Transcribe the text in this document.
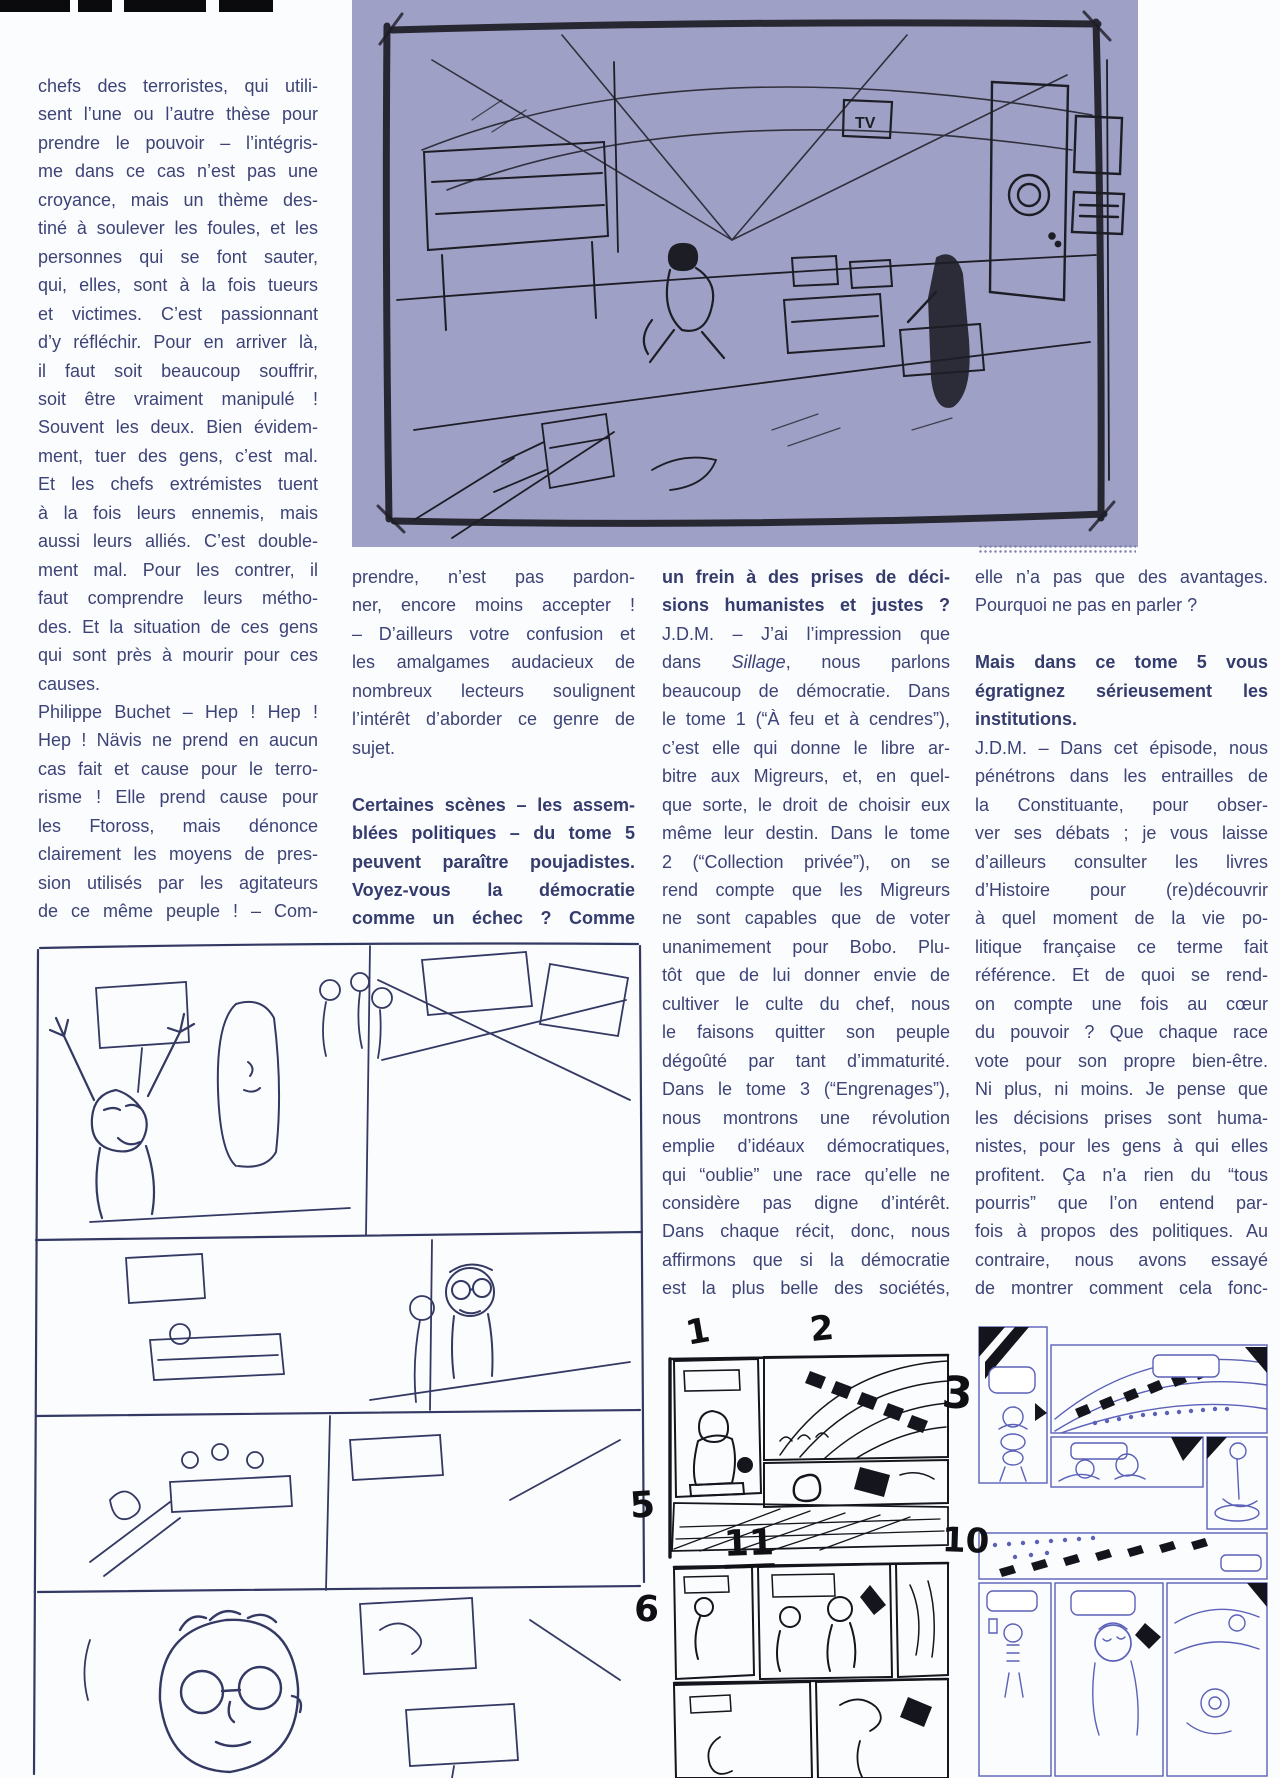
TV
chefs des terroristes, qui utili-
sent l’une ou l’autre thèse pour
prendre le pouvoir – l’intégris-
me dans ce cas n’est pas une
croyance, mais un thème des-
tiné à soulever les foules, et les
personnes qui se font sauter,
qui, elles, sont à la fois tueurs
et victimes. C’est passionnant
d’y réfléchir. Pour en arriver là,
il faut soit beaucoup souffrir,
soit être vraiment manipulé !
Souvent les deux. Bien évidem-
ment, tuer des gens, c’est mal.
Et les chefs extrémistes tuent
à la fois leurs ennemis, mais
aussi leurs alliés. C’est double-
ment mal. Pour les contrer, il
faut comprendre leurs métho-
des. Et la situation de ces gens
qui sont près à mourir pour ces
causes.
Philippe Buchet – Hep ! Hep !
Hep ! Nävis ne prend en aucun
cas fait et cause pour le terro-
risme ! Elle prend cause pour
les Ftoross, mais dénonce
clairement les moyens de pres-
sion utilisés par les agitateurs
de ce même peuple ! – Com-
prendre, n’est pas pardon-
ner, encore moins accepter !
– D’ailleurs votre confusion et
les amalgames audacieux de
nombreux lecteurs soulignent
l’intérêt d’aborder ce genre de
sujet.

Certaines scènes – les assem-
blées politiques – du tome 5
peuvent paraître poujadistes.
Voyez-vous la démocratie
comme un échec ? Comme
un frein à des prises de déci-
sions humanistes et justes ?
J.D.M. – J’ai l’impression que
dans Sillage, nous parlons
beaucoup de démocratie. Dans
le tome 1 (“À feu et à cendres”),
c’est elle qui donne le libre ar-
bitre aux Migreurs, et, en quel-
que sorte, le droit de choisir eux
même leur destin. Dans le tome
2 (“Collection privée”), on se
rend compte que les Migreurs
ne sont capables que de voter
unanimement pour Bobo. Plu-
tôt que de lui donner envie de
cultiver le culte du chef, nous
le faisons quitter son peuple
dégoûté par tant d’immaturité.
Dans le tome 3 (“Engrenages”),
nous montrons une révolution
emplie d’idéaux démocratiques,
qui “oublie” une race qu’elle ne
considère pas digne d’intérêt.
Dans chaque récit, donc, nous
affirmons que si la démocratie
est la plus belle des sociétés,
elle n’a pas que des avantages.
Pourquoi ne pas en parler ?

Mais dans ce tome 5 vous
égratignez sérieusement les
institutions.
J.D.M. – Dans cet épisode, nous
pénétrons dans les entrailles de
la Constituante, pour obser-
ver ses débats ; je vous laisse
d’ailleurs consulter les livres
d’Histoire pour (re)découvrir
à quel moment de la vie po-
litique française ce terme fait
référence. Et de quoi se rend-
on compte une fois au cœur
du pouvoir ? Que chaque race
vote pour son propre bien-être.
Ni plus, ni moins. Je pense que
les décisions prises sont huma-
nistes, pour les gens à qui elles
profitent. Ça n’a rien du “tous
pourris” que l’on entend par-
fois à propos des politiques. Au
contraire, nous avons essayé
de montrer comment cela fonc-
1	2
3
5
6
10
11
